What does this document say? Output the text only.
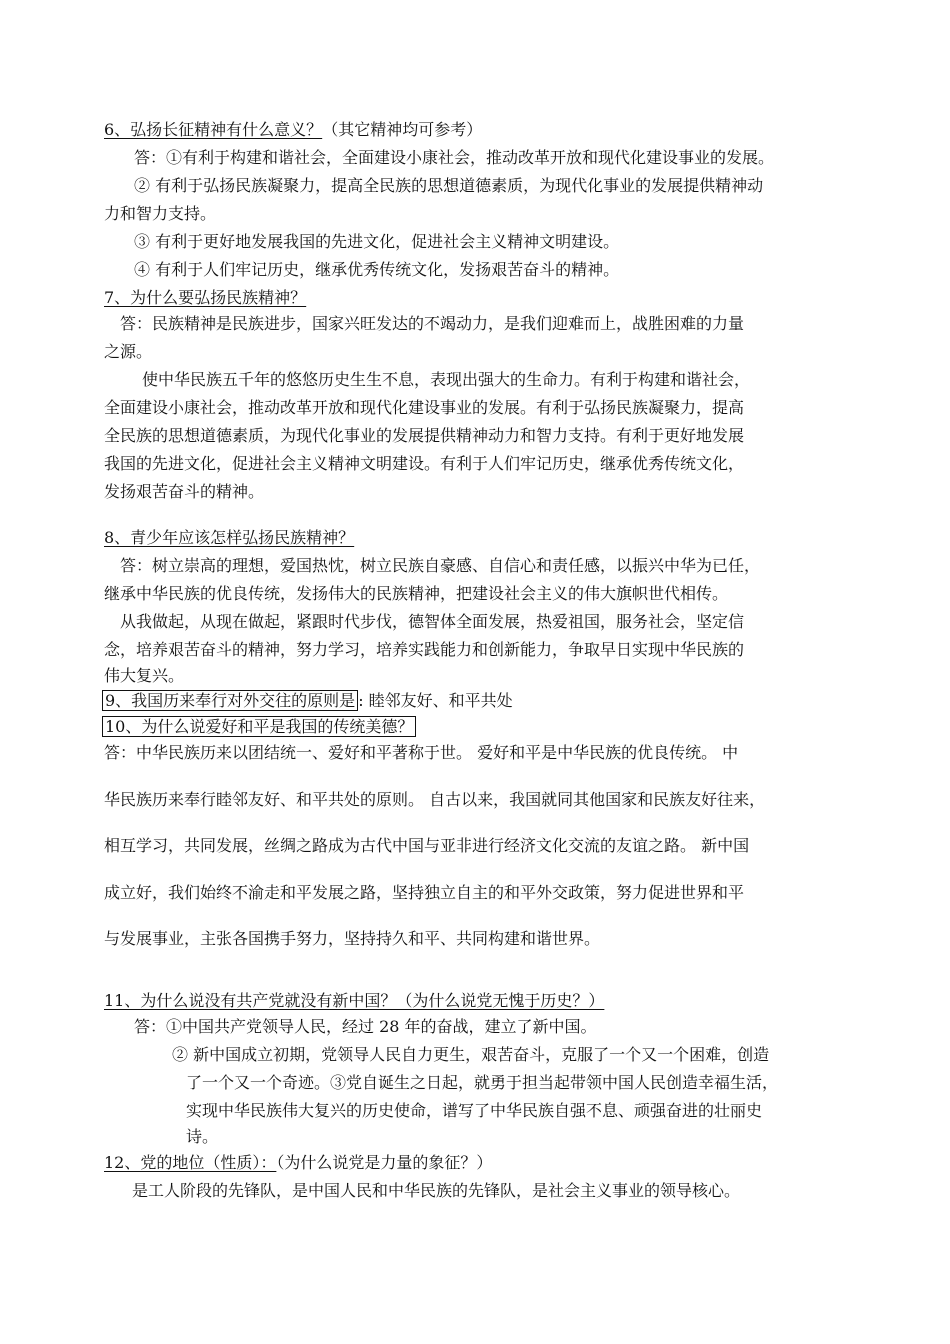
6、弘扬长征精神有什么意义？（其它精神均可参考）
答：①有利于构建和谐社会，全面建设小康社会，推动改革开放和现代化建设事业的发展。
② 有利于弘扬民族凝聚力，提高全民族的思想道德素质，为现代化事业的发展提供精神动
力和智力支持。
③ 有利于更好地发展我国的先进文化，促进社会主义精神文明建设。
④ 有利于人们牢记历史，继承优秀传统文化，发扬艰苦奋斗的精神。
7、为什么要弘扬民族精神？
答：民族精神是民族进步，国家兴旺发达的不竭动力，是我们迎难而上，战胜困难的力量
之源。
使中华民族五千年的悠悠历史生生不息，表现出强大的生命力。有利于构建和谐社会，
全面建设小康社会，推动改革开放和现代化建设事业的发展。有利于弘扬民族凝聚力，提高
全民族的思想道德素质，为现代化事业的发展提供精神动力和智力支持。有利于更好地发展
我国的先进文化，促进社会主义精神文明建设。有利于人们牢记历史，继承优秀传统文化，
发扬艰苦奋斗的精神。
8、青少年应该怎样弘扬民族精神？
答：树立崇高的理想，爱国热忱，树立民族自豪感、自信心和责任感，以振兴中华为已任，
继承中华民族的优良传统，发扬伟大的民族精神，把建设社会主义的伟大旗帜世代相传。
从我做起，从现在做起，紧跟时代步伐，德智体全面发展，热爱祖国，服务社会，坚定信
念，培养艰苦奋斗的精神，努力学习，培养实践能力和创新能力，争取早日实现中华民族的
伟大复兴。
9、我国历来奉行对外交往的原则是 : 睦邻友好、和平共处
10、为什么说爱好和平是我国的传统美德？
答：中华民族历来以团结统一、爱好和平著称于世。 爱好和平是中华民族的优良传统。 中
华民族历来奉行睦邻友好、和平共处的原则。 自古以来，我国就同其他国家和民族友好往来，
相互学习，共同发展，丝绸之路成为古代中国与亚非进行经济文化交流的友谊之路。 新中国
成立好，我们始终不渝走和平发展之路，坚持独立自主的和平外交政策，努力促进世界和平
与发展事业，主张各国携手努力，坚持持久和平、共同构建和谐世界。
11、为什么说没有共产党就没有新中国？（为什么说党无愧于历史？）
答：①中国共产党领导人民，经过 28 年的奋战，建立了新中国。
② 新中国成立初期，党领导人民自力更生，艰苦奋斗，克服了一个又一个困难，创造
了一个又一个奇迹。③党自诞生之日起，就勇于担当起带领中国人民创造幸福生活，
实现中华民族伟大复兴的历史使命，谱写了中华民族自强不息、顽强奋进的壮丽史
诗。
12、党的地位（性质）：（为什么说党是力量的象征？）
是工人阶段的先锋队，是中国人民和中华民族的先锋队，是社会主义事业的领导核心。
